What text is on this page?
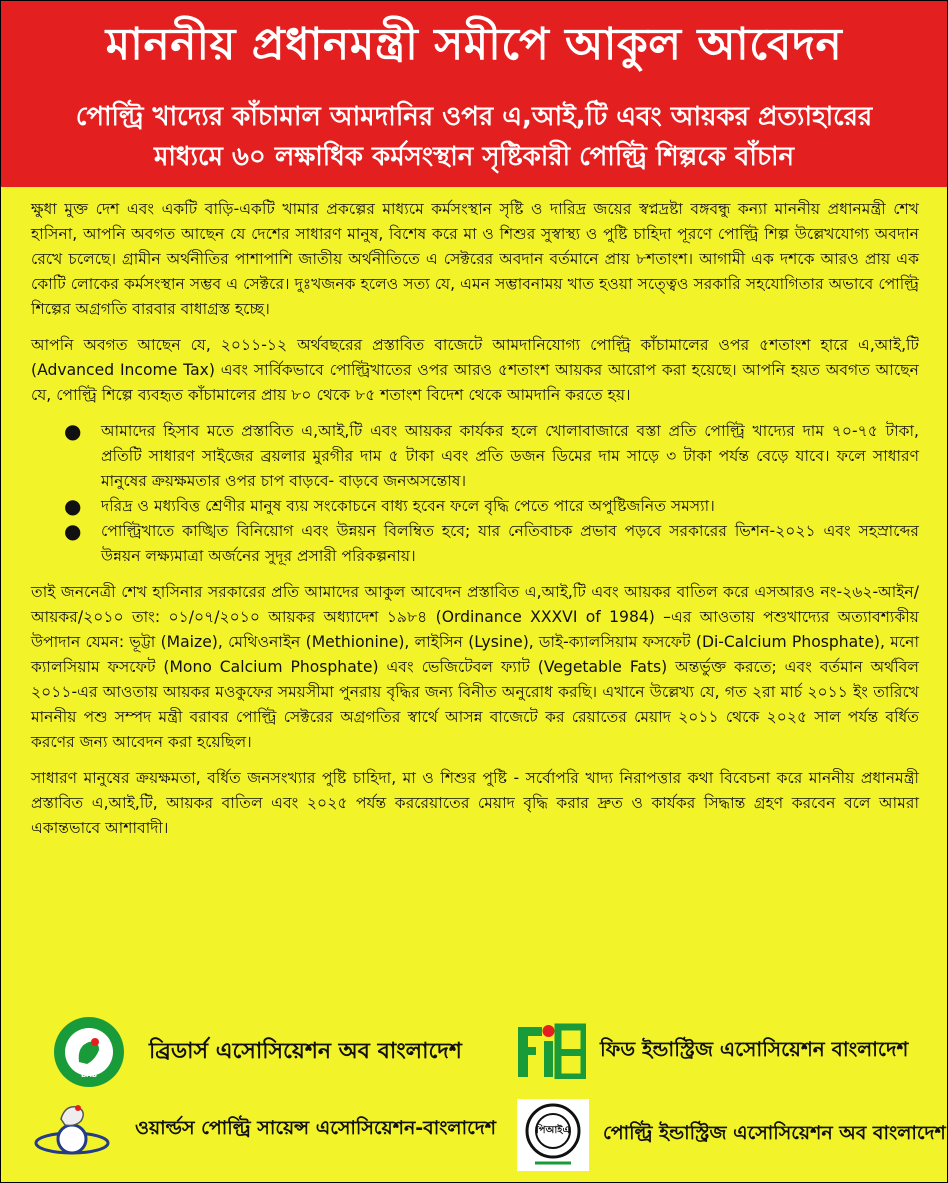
মাননীয় প্রধানমন্ত্রী সমীপে আকুল আবেদন
পোল্ট্রি খাদ্যের কাঁচামাল আমদানির ওপর এ,আই,টি এবং আয়কর প্রত্যাহারের
মাধ্যমে ৬০ লক্ষাধিক কর্মসংস্থান সৃষ্টিকারী পোল্ট্রি শিল্পকে বাঁচান

ক্ষুধা মুক্ত দেশ এবং একটি বাড়ি-একটি খামার প্রকল্পের মাধ্যমে কর্মসংস্থান সৃষ্টি ও দারিদ্র জয়ের স্বপ্নদ্রষ্টা বঙ্গবন্ধু কন্যা মাননীয় প্রধানমন্ত্রী শেখ হাসিনা, আপনি অবগত আছেন যে দেশের সাধারণ মানুষ, বিশেষ করে মা ও শিশুর সুস্বাস্থ্য ও পুষ্টি চাহিদা পূরণে পোল্ট্রি শিল্প উল্লেখযোগ্য অবদান রেখে চলেছে। গ্রামীন অর্থনীতির পাশাপাশি জাতীয় অর্থনীতিতে এ সেক্টরের অবদান বর্তমানে প্রায় ৮শতাংশ। আগামী এক দশকে আরও প্রায় এক কোটি লোকের কর্মসংস্থান সম্ভব এ সেক্টরে। দুঃখজনক হলেও সত্য যে, এমন সম্ভাবনাময় খাত হওয়া সত্ত্বেও সরকারি সহযোগিতার অভাবে পোল্ট্রি শিল্পের অগ্রগতি বারবার বাধাগ্রস্ত হচ্ছে।

আপনি অবগত আছেন যে, ২০১১-১২ অর্থবছরের প্রস্তাবিত বাজেটে আমদানিযোগ্য পোল্ট্রি কাঁচামালের ওপর ৫শতাংশ হারে এ,আই,টি (Advanced Income Tax) এবং সার্বিকভাবে পোল্ট্রিখাতের ওপর আরও ৫শতাংশ আয়কর আরোপ করা হয়েছে। আপনি হয়ত অবগত আছেন যে, পোল্ট্রি শিল্পে ব্যবহৃত কাঁচামালের প্রায় ৮০ থেকে ৮৫ শতাংশ বিদেশ থেকে আমদানি করতে হয়।

● আমাদের হিসাব মতে প্রস্তাবিত এ,আই,টি এবং আয়কর কার্যকর হলে খোলাবাজারে বস্তা প্রতি পোল্ট্রি খাদ্যের দাম ৭০-৭৫ টাকা, প্রতিটি সাধারণ সাইজের ব্রয়লার মুরগীর দাম ৫ টাকা এবং প্রতি ডজন ডিমের দাম সাড়ে ৩ টাকা পর্যন্ত বেড়ে যাবে। ফলে সাধারণ মানুষের ক্রয়ক্ষমতার ওপর চাপ বাড়বে- বাড়বে জনঅসন্তোষ।
● দরিদ্র ও মধ্যবিত্ত শ্রেণীর মানুষ ব্যয় সংকোচনে বাধ্য হবেন ফলে বৃদ্ধি পেতে পারে অপুষ্টিজনিত সমস্যা।
● পোল্ট্রিখাতে কাঙ্খিত বিনিয়োগ এবং উন্নয়ন বিলম্বিত হবে; যার নেতিবাচক প্রভাব পড়বে সরকারের ভিশন-২০২১ এবং সহস্রাব্দের উন্নয়ন লক্ষ্যমাত্রা অর্জনের সুদূর প্রসারী পরিকল্পনায়।

তাই জননেত্রী শেখ হাসিনার সরকারের প্রতি আমাদের আকুল আবেদন প্রস্তাবিত এ,আই,টি এবং আয়কর বাতিল করে এসআরও নং-২৬২-আইন/আয়কর/২০১০ তাং: ০১/০৭/২০১০ আয়কর অধ্যাদেশ ১৯৮৪ (Ordinance XXXVI of 1984) –এর আওতায় পশুখাদ্যের অত্যাবশ্যকীয় উপাদান যেমন: ভূট্টা (Maize), মেথিওনাইন (Methionine), লাইসিন (Lysine), ডাই-ক্যালসিয়াম ফসফেট (Di-Calcium Phosphate), মনো ক্যালসিয়াম ফসফেট (Mono Calcium Phosphate) এবং ভেজিটেবল ফ্যাট (Vegetable Fats) অন্তর্ভুক্ত করতে; এবং বর্তমান অর্থবিল ২০১১-এর আওতায় আয়কর মওকুফের সময়সীমা পুনরায় বৃদ্ধির জন্য বিনীত অনুরোধ করছি। এখানে উল্লেখ্য যে, গত ২রা মার্চ ২০১১ ইং তারিখে মাননীয় পশু সম্পদ মন্ত্রী বরাবর পোল্ট্রি সেক্টরের অগ্রগতির স্বার্থে আসন্ন বাজেটে কর রেয়াতের মেয়াদ ২০১১ থেকে ২০২৫ সাল পর্যন্ত বর্ধিত করণের জন্য আবেদন করা হয়েছিল।

সাধারণ মানুষের ক্রয়ক্ষমতা, বর্ধিত জনসংখ্যার পুষ্টি চাহিদা, মা ও শিশুর পুষ্টি - সর্বোপরি খাদ্য নিরাপত্তার কথা বিবেচনা করে মাননীয় প্রধানমন্ত্রী প্রস্তাবিত এ,আই,টি, আয়কর বাতিল এবং ২০২৫ পর্যন্ত কররেয়াতের মেয়াদ বৃদ্ধি করার দ্রুত ও কার্যকর সিদ্ধান্ত গ্রহণ করবেন বলে আমরা একান্তভাবে আশাবাদী।

BAB
ব্রিডার্স এসোসিয়েশন অব বাংলাদেশ	ফিড ইন্ডাস্ট্রিজ এসোসিয়েশন বাংলাদেশ
ওয়ার্ল্ডস পোল্ট্রি সায়েন্স এসোসিয়েশন-বাংলাদেশ	পিআইএ	পোল্ট্রি ইন্ডাস্ট্রিজ এসোসিয়েশন অব বাংলাদেশ
